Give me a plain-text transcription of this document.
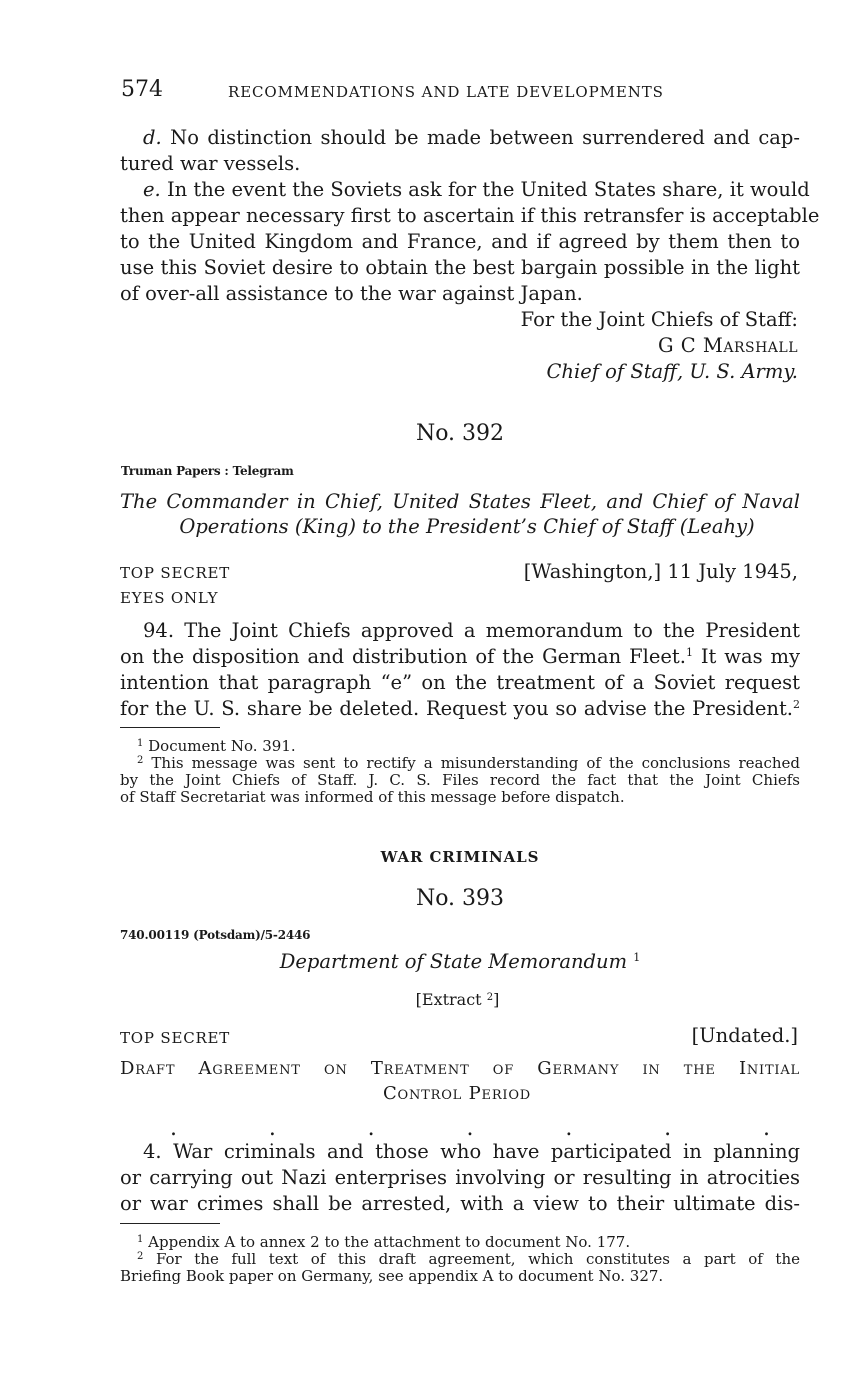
574	RECOMMENDATIONS AND LATE DEVELOPMENTS
d. No distinction should be made between surrendered and cap-
tured war vessels.
e. In the event the Soviets ask for the United States share, it would
then appear necessary first to ascertain if this retransfer is acceptable
to the United Kingdom and France, and if agreed by them then to
use this Soviet desire to obtain the best bargain possible in the light
of over-all assistance to the war against Japan.
For the Joint Chiefs of Staff:
G C Marshall
Chief of Staff, U. S. Army.
No. 392
Truman Papers : Telegram
The Commander in Chief, United States Fleet, and Chief of Naval
Operations (King) to the President’s Chief of Staff (Leahy)
TOP SECRET	[Washington,] 11 July 1945,
EYES ONLY
94. The Joint Chiefs approved a memorandum to the President
on the disposition and distribution of the German Fleet.$^1$ It was my
intention that paragraph “e” on the treatment of a Soviet request
for the U. S. share be deleted. Request you so advise the President.$^2$
$^1$ Document No. 391.
$^2$ This message was sent to rectify a misunderstanding of the conclusions reached
by the Joint Chiefs of Staff. J. C. S. Files record the fact that the Joint Chiefs
of Staff Secretariat was informed of this message before dispatch.
WAR CRIMINALS
No. 393
740.00119 (Potsdam)/5-2446
Department of State Memorandum $^1$
[Extract $^2$]
TOP SECRET	[Undated.]
Draft Agreement on Treatment of Germany in the Initial
Control Period
.	.	.	.	.	.	.
4. War criminals and those who have participated in planning
or carrying out Nazi enterprises involving or resulting in atrocities
or war crimes shall be arrested, with a view to their ultimate dis-
$^1$ Appendix A to annex 2 to the attachment to document No. 177.
$^2$ For the full text of this draft agreement, which constitutes a part of the
Briefing Book paper on Germany, see appendix A to document No. 327.
